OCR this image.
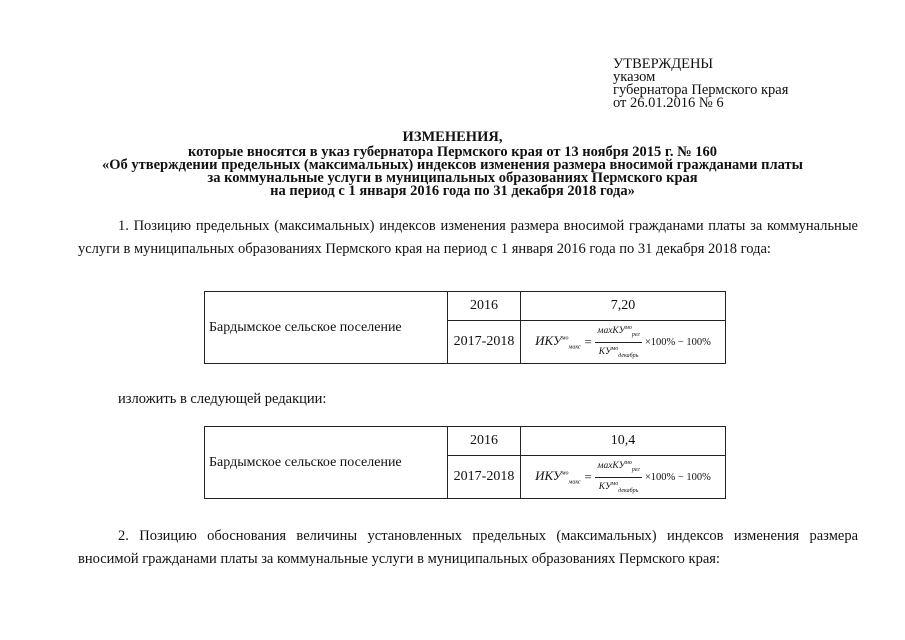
УТВЕРЖДЕНЫ
указом
губернатора Пермского края
от 26.01.2016 № 6
ИЗМЕНЕНИЯ,
которые вносятся в указ губернатора Пермского края от 13 ноября 2015 г. № 160
«Об утверждении предельных (максимальных) индексов изменения размера вносимой гражданами платы
за коммунальные услуги в муниципальных образованиях Пермского края
на период с 1 января 2016 года по 31 декабря 2018 года»
1. Позицию предельных (максимальных) индексов изменения размера вносимой гражданами платы за коммунальные услуги в муниципальных образованиях Пермского края на период с 1 января 2016 года по 31 декабря 2018 года:
Бардымское сельское поселение	2016	7,20
	2017-2018	$ИКУ^{мо}_{макс} = \frac{махКУ^{мо}_{рег}}{КУ^{мо}_{декабрь}} \times 100\% - 100\%$
изложить в следующей редакции:
Бардымское сельское поселение	2016	10,4
	2017-2018	$ИКУ^{мо}_{макс} = \frac{махКУ^{мо}_{рег}}{КУ^{мо}_{декабрь}} \times 100\% - 100\%$
2. Позицию обоснования величины установленных предельных (максимальных) индексов изменения размера вносимой гражданами платы за коммунальные услуги в муниципальных образованиях Пермского края:
